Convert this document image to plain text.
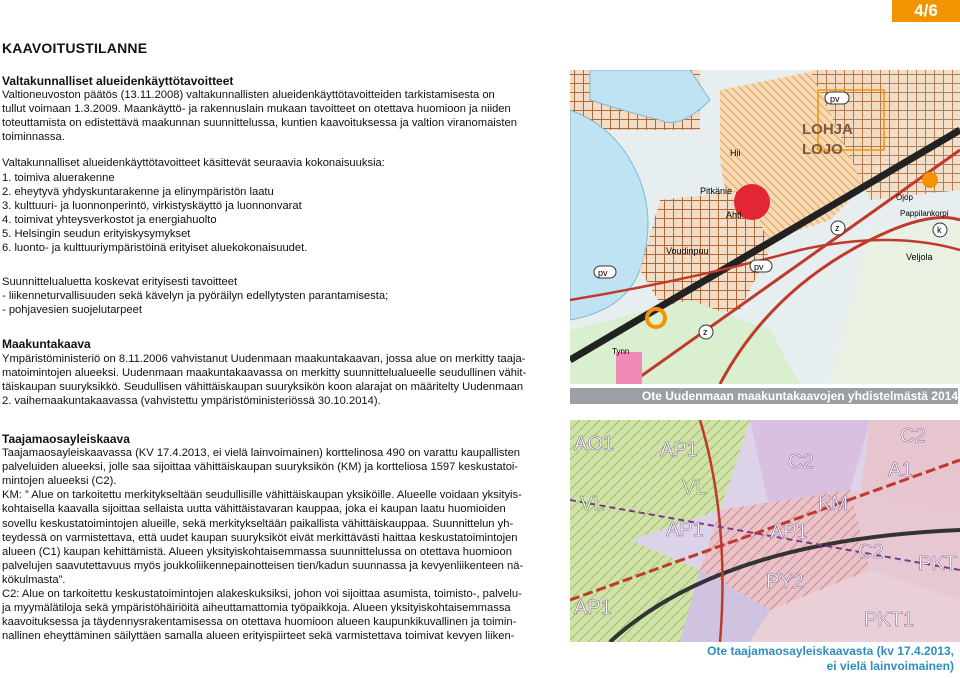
4/6
KAAVOITUSTILANNE

Valtakunnalliset alueidenkäyttötavoitteet

Valtioneuvoston päätös (13.11.2008) valtakunnallisten alueidenkäyttötavoitteiden tarkistamisesta on

tullut voimaan 1.3.2009. Maankäyttö- ja rakennuslain mukaan tavoitteet on otettava huomioon ja niiden

toteuttamista on edistettävä maakunnan suunnittelussa, kuntien kaavoituksessa ja valtion viranomaisten

toiminnassa.

Valtakunnalliset alueidenkäyttötavoitteet käsittevät seuraavia kokonaisuuksia:

1. toimiva aluerakenne

2. eheytyvä yhdyskuntarakenne ja elinympäristön laatu

3. kulttuuri- ja luonnonperintö, virkistyskäyttö ja luonnonvarat

4. toimivat yhteysverkostot ja energiahuolto

5. Helsingin seudun erityiskysymykset

6. luonto- ja kulttuuriympäristöinä erityiset aluekokonaisuudet.

Suunnittelualuetta koskevat erityisesti tavoitteet

- liikenneturvallisuuden sekä kävelyn ja pyöräilyn edellytysten parantamisesta;

- pohjavesien suojelutarpeet

Maakuntakaava

Ympäristöministeriö on 8.11.2006 vahvistanut Uudenmaan maakuntakaavan, jossa alue on merkitty taaja-

matoimintojen alueeksi. Uudenmaan maakuntakaavassa on merkitty suunnittelualueelle seudullinen vähit-

täiskaupan suuryksikkö. Seudullisen vähittäiskaupan suuryksikön koon alarajat on määritelty Uudenmaan

2. vaihemaakuntakaavassa (vahvistettu ympäristöministeriössä 30.10.2014).

Taajamaosayleiskaava

Taajamaosayleiskaavassa (KV 17.4.2013, ei vielä lainvoimainen) korttelinosa 490 on varattu kaupallisten

palveluiden alueeksi, jolle saa sijoittaa vähittäiskaupan suuryksikön (KM) ja kortteliosa 1597 keskustatoi-

mintojen alueeksi (C2).

KM: ” Alue on tarkoitettu merkitykseltään seudullisille vähittäiskaupan yksiköille. Alueelle voidaan yksityis-

kohtaisella kaavalla sijoittaa sellaista uutta vähittäistavaran kauppaa, joka ei kaupan laatu huomioiden

sovellu keskustatoimintojen alueille, sekä merkitykseltään paikallista vähittäiskauppaa. Suunnittelun yh-

teydessä on varmistettava, että uudet kaupan suuryksiköt eivät merkittävästi haittaa keskustatoimintojen

alueen (C1) kaupan kehittämistä. Alueen yksityiskohtaisemmassa suunnittelussa on otettava huomioon

palvelujen saavutettavuus myös joukkoliikennepainotteisen tien/kadun suunnassa ja kevyenliikenteen nä-

kökulmasta”.

C2: Alue on tarkoitettu keskustatoimintojen alakeskuksiksi, johon voi sijoittaa asumista, toimisto-, palvelu-

ja myymälätiloja sekä ympäristöhäiriöitä aiheuttamattomia työpaikkoja. Alueen yksityiskohtaisemmassa

kaavoituksessa ja täydennysrakentamisessa on otettava huomioon alueen kaupunkikuvallinen ja toimin-

nallinen eheyttäminen säilyttäen samalla alueen erityispiirteet sekä varmistettava toimivat kevyen liiken-

pv
LOHJA
LOJO
Hii
Pitkänie
Ahti
Voudinpuu
pv
pv
z
z	k
Veljola
Tynn
Pappilankorpi
Ojop
Ote Uudenmaan maakuntakaavojen yhdistelmästä 2014
AP1
C2
VL
C2
A1
AP1
KM
AP1
C2
PKT
PY2
PKT1
AP1
AO1
VL
Ote taajamaosayleiskaavasta (kv 17.4.2013,
ei vielä lainvoimainen)
